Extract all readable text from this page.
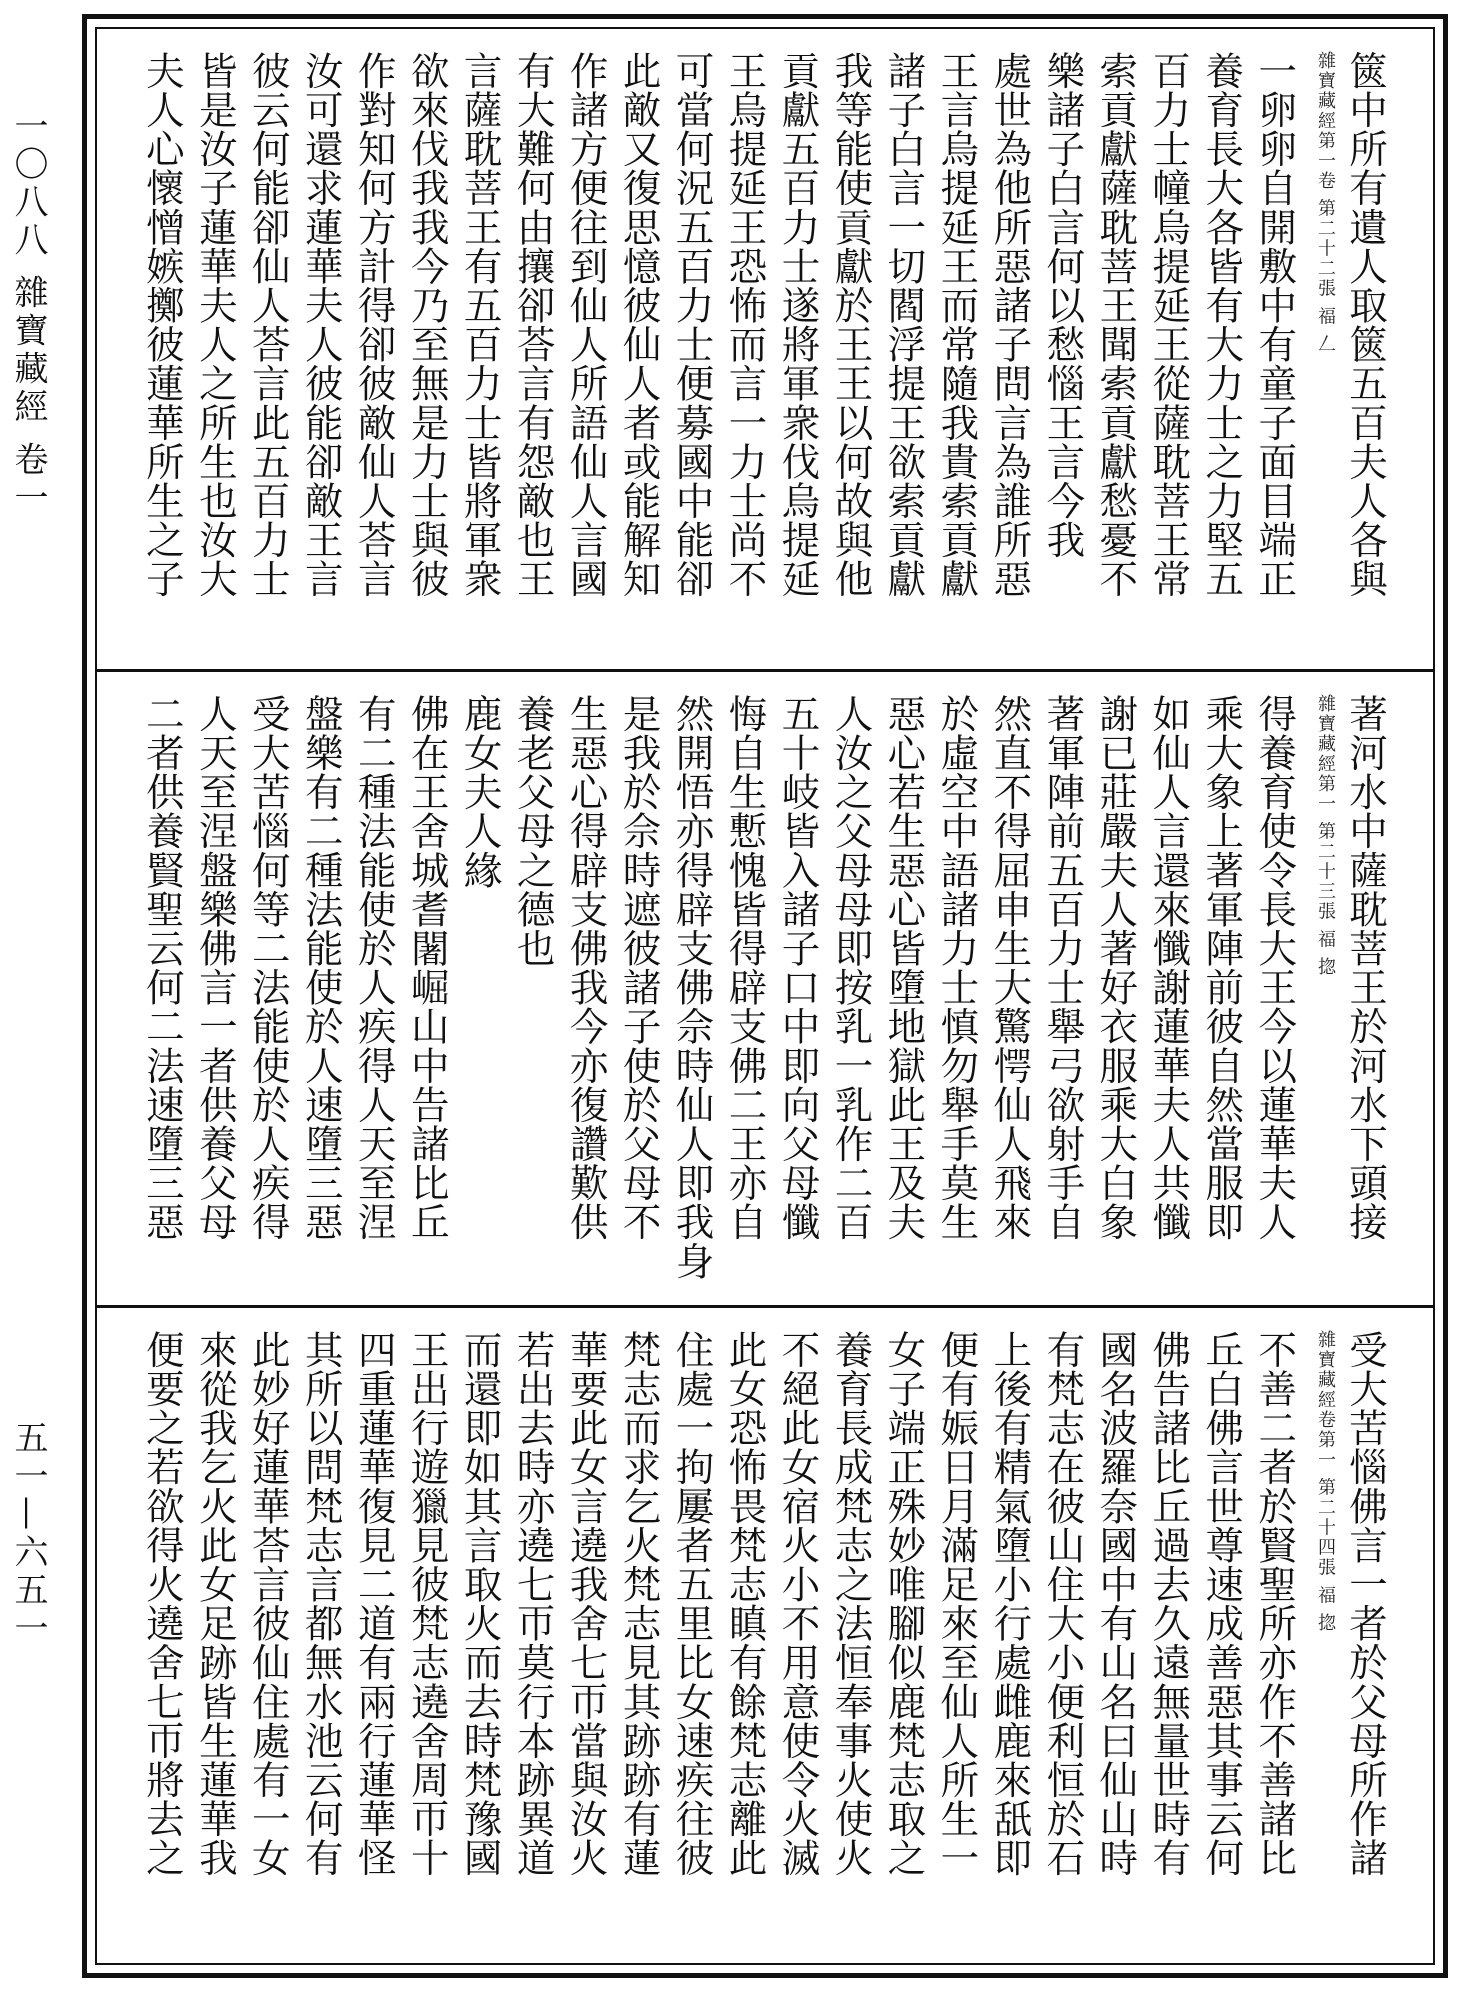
一〇八八 雜寶藏經 卷一
五一—六五一
篋中所有遺人取篋五百夫人各與
雜寶藏經第一卷 第二十二張 福 𠃋
一卵卵自開敷中有童子面目端正
養育長大各皆有大力士之力堅五
百力士幢烏提延王從薩耽菩王常
索貢獻薩耽菩王聞索貢獻愁憂不
樂諸子白言何以愁惱王言今我
處世為他所惡諸子問言為誰所惡
王言烏提延王而常隨我貴索貢獻
諸子白言一切閻浮提王欲索貢獻
我等能使貢獻於王王以何故與他
貢獻五百力士遂將軍衆伐烏提延
王烏提延王恐怖而言一力士尚不
可當何況五百力士便募國中能卻
此敵又復思憶彼仙人者或能解知
作諸方便往到仙人所語仙人言國
有大難何由攘卻荅言有怨敵也王
言薩耽菩王有五百力士皆將軍衆
欲來伐我我今乃至無是力士與彼
作對知何方計得卻彼敵仙人荅言
汝可還求蓮華夫人彼能卻敵王言
彼云何能卻仙人荅言此五百力士
皆是汝子蓮華夫人之所生也汝大
夫人心懷憎嫉擲彼蓮華所生之子
著河水中薩耽菩王於河水下頭接
雜寶藏經第一 第二十三張 福 㧾
得養育使令長大王今以蓮華夫人
乘大象上著軍陣前彼自然當服即
如仙人言還來懺謝蓮華夫人共懺
謝已莊嚴夫人著好衣服乘大白象
著軍陣前五百力士舉弓欲射手自
然直不得屈申生大驚愕仙人飛來
於虛空中語諸力士慎勿舉手莫生
惡心若生惡心皆墮地獄此王及夫
人汝之父母母即按乳一乳作二百
五十岐皆入諸子口中即向父母懺
悔自生慙愧皆得辟支佛二王亦自
然開悟亦得辟支佛佘時仙人即我身
是我於佘時遮彼諸子使於父母不
生惡心得辟支佛我今亦復讚歎供
養老父母之德也
鹿女夫人緣
佛在王舍城耆闍崛山中告諸比丘
有二種法能使於人疾得人天至涅
盤樂有二種法能使於人速墮三惡
受大苦惱何等二法能使於人疾得
人天至涅盤樂佛言一者供養父母
二者供養賢聖云何二法速墮三惡
受大苦惱佛言一者於父母所作諸
雜寶藏經卷第一 第二十四張 福 㧾
不善二者於賢聖所亦作不善諸比
丘白佛言世尊速成善惡其事云何
佛告諸比丘過去久遠無量世時有
國名波羅奈國中有山名曰仙山時
有梵志在彼山住大小便利恒於石
上後有精氣墮小行處雌鹿來舐即
便有娠日月滿足來至仙人所生一
女子端正殊妙唯腳似鹿梵志取之
養育長成梵志之法恒奉事火使火
不絕此女宿火小不用意使令火滅
此女恐怖畏梵志瞋有餘梵志離此
住處一拘屢者五里比女速疾往彼
梵志而求乞火梵志見其跡跡有蓮
華要此女言遶我舍七帀當與汝火
若出去時亦遶七帀莫行本跡異道
而還即如其言取火而去時梵豫國
王出行遊獵見彼梵志遶舍周帀十
四重蓮華復見二道有兩行蓮華怪
其所以問梵志言都無水池云何有
此妙好蓮華荅言彼仙住處有一女
來從我乞火此女足跡皆生蓮華我
便要之若欲得火遶舍七帀將去之
